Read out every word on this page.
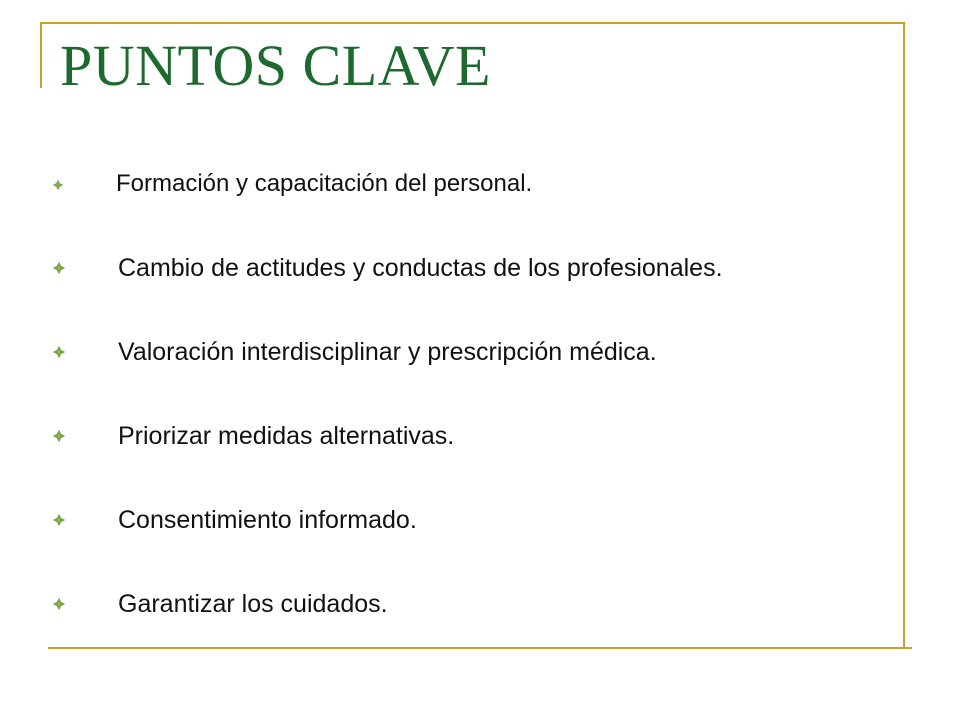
PUNTOS CLAVE
Formación y capacitación del personal.
Cambio de actitudes y conductas de los profesionales.
Valoración interdisciplinar y prescripción médica.
Priorizar medidas alternativas.
Consentimiento informado.
Garantizar los cuidados.
